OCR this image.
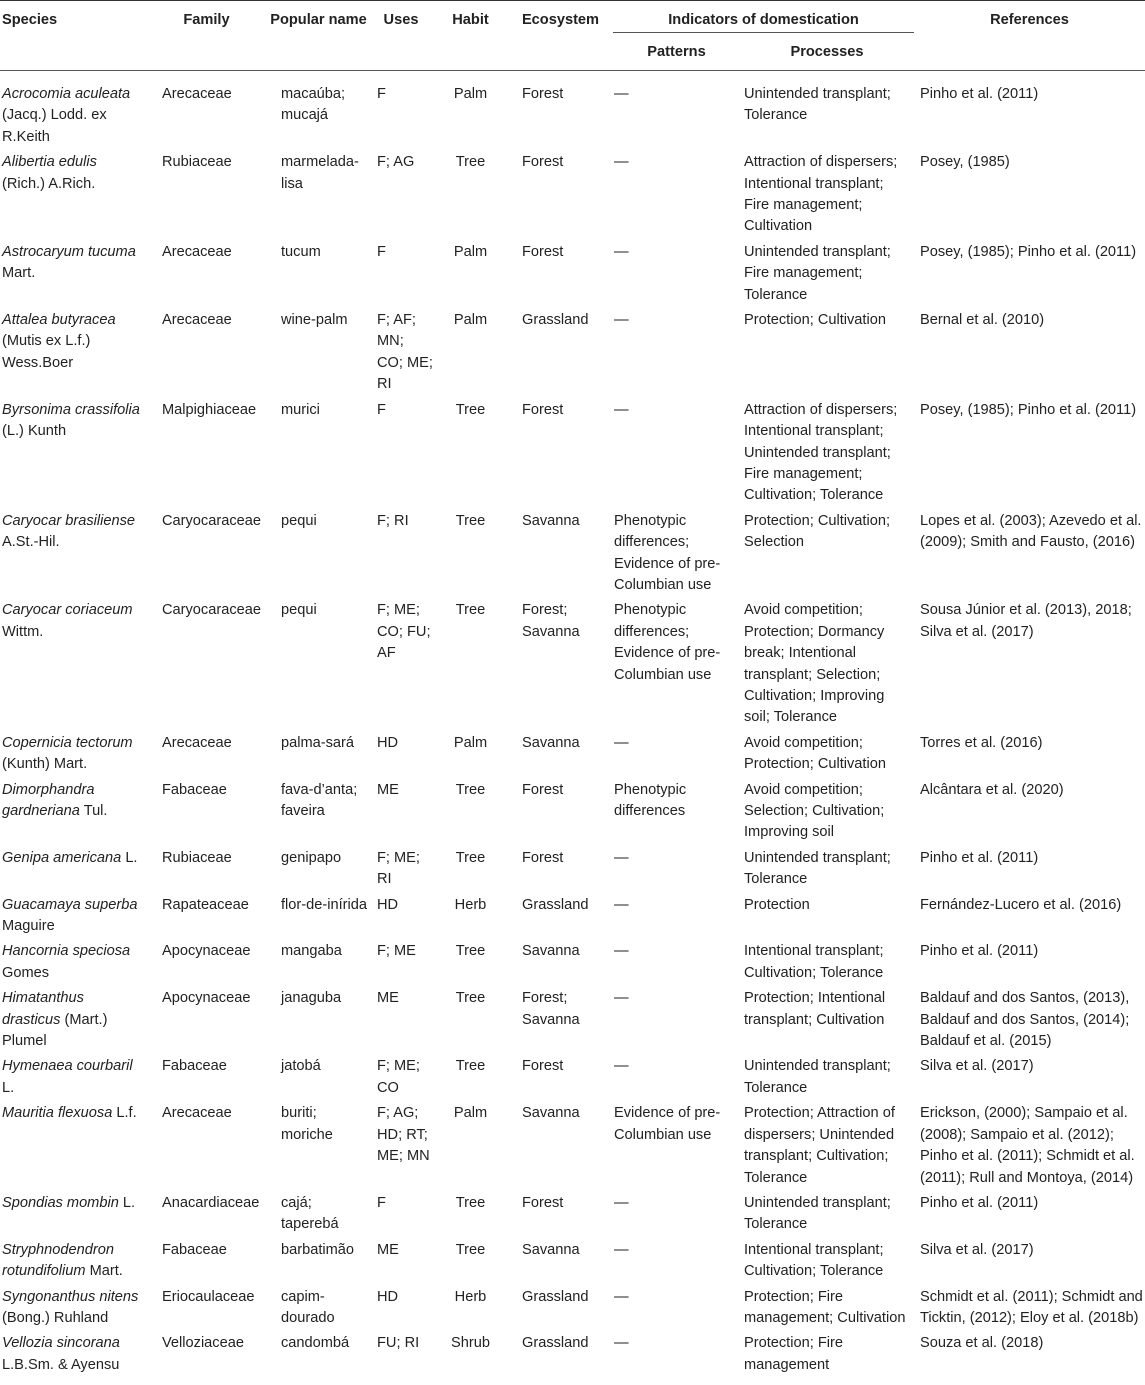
Species	Family	Popular name	Uses	Habit	Ecosystem	Indicators of domestication		References
						Patterns	Processes	
Acrocomia aculeata (Jacq.) Lodd. ex R.Keith	Arecaceae	macaúba; mucajá	F	Palm	Forest	—	Unintended transplant; Tolerance	Pinho et al. (2011)
Alibertia edulis (Rich.) A.Rich.	Rubiaceae	marmelada-lisa	F; AG	Tree	Forest	—	Attraction of dispersers; Intentional transplant; Fire management; Cultivation	Posey, (1985)
Astrocaryum tucuma Mart.	Arecaceae	tucum	F	Palm	Forest	—	Unintended transplant; Fire management; Tolerance	Posey, (1985); Pinho et al. (2011)
Attalea butyracea (Mutis ex L.f.) Wess.Boer	Arecaceae	wine-palm	F; AF; MN; CO; ME; RI	Palm	Grassland	—	Protection; Cultivation	Bernal et al. (2010)
Byrsonima crassifolia (L.) Kunth	Malpighiaceae	murici	F	Tree	Forest	—	Attraction of dispersers; Intentional transplant; Unintended transplant; Fire management; Cultivation; Tolerance	Posey, (1985); Pinho et al. (2011)
Caryocar brasiliense A.St.-Hil.	Caryocaraceae	pequi	F; RI	Tree	Savanna	Phenotypic differences; Evidence of pre-Columbian use	Protection; Cultivation; Selection	Lopes et al. (2003); Azevedo et al. (2009); Smith and Fausto, (2016)
Caryocar coriaceum Wittm.	Caryocaraceae	pequi	F; ME; CO; FU; AF	Tree	Forest; Savanna	Phenotypic differences; Evidence of pre-Columbian use	Avoid competition; Protection; Dormancy break; Intentional transplant; Selection; Cultivation; Improving soil; Tolerance	Sousa Júnior et al. (2013), 2018; Silva et al. (2017)
Copernicia tectorum (Kunth) Mart.	Arecaceae	palma-sará	HD	Palm	Savanna	—	Avoid competition; Protection; Cultivation	Torres et al. (2016)
Dimorphandra gardneriana Tul.	Fabaceae	fava-d’anta; faveira	ME	Tree	Forest	Phenotypic differences	Avoid competition; Selection; Cultivation; Improving soil	Alcântara et al. (2020)
Genipa americana L.	Rubiaceae	genipapo	F; ME; RI	Tree	Forest	—	Unintended transplant; Tolerance	Pinho et al. (2011)
Guacamaya superba Maguire	Rapateaceae	flor-de-inírida	HD	Herb	Grassland	—	Protection	Fernández-Lucero et al. (2016)
Hancornia speciosa Gomes	Apocynaceae	mangaba	F; ME	Tree	Savanna	—	Intentional transplant; Cultivation; Tolerance	Pinho et al. (2011)
Himatanthus drasticus (Mart.) Plumel	Apocynaceae	janaguba	ME	Tree	Forest; Savanna	—	Protection; Intentional transplant; Cultivation	Baldauf and dos Santos, (2013), Baldauf and dos Santos, (2014); Baldauf et al. (2015)
Hymenaea courbaril L.	Fabaceae	jatobá	F; ME; CO	Tree	Forest	—	Unintended transplant; Tolerance	Silva et al. (2017)
Mauritia flexuosa L.f.	Arecaceae	buriti; moriche	F; AG; HD; RT; ME; MN	Palm	Savanna	Evidence of pre-Columbian use	Protection; Attraction of dispersers; Unintended transplant; Cultivation; Tolerance	Erickson, (2000); Sampaio et al. (2008); Sampaio et al. (2012); Pinho et al. (2011); Schmidt et al. (2011); Rull and Montoya, (2014)
Spondias mombin L.	Anacardiaceae	cajá; taperebá	F	Tree	Forest	—	Unintended transplant; Tolerance	Pinho et al. (2011)
Stryphnodendron rotundifolium Mart.	Fabaceae	barbatimão	ME	Tree	Savanna	—	Intentional transplant; Cultivation; Tolerance	Silva et al. (2017)
Syngonanthus nitens (Bong.) Ruhland	Eriocaulaceae	capim-dourado	HD	Herb	Grassland	—	Protection; Fire management; Cultivation	Schmidt et al. (2011); Schmidt and Ticktin, (2012); Eloy et al. (2018b)
Vellozia sincorana L.B.Sm. & Ayensu	Velloziaceae	candombá	FU; RI	Shrub	Grassland	—	Protection; Fire management	Souza et al. (2018)
